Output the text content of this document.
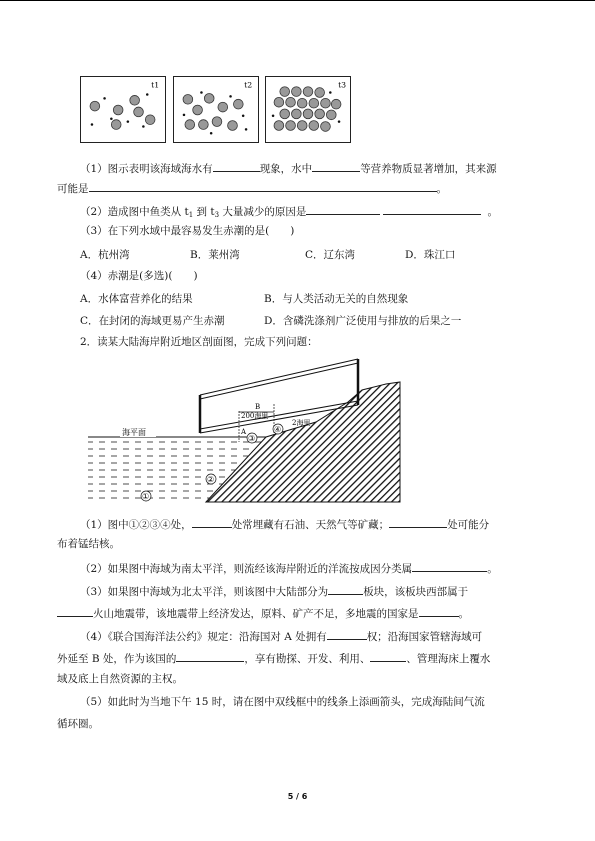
t1	t2	t3
（1）图示表明该海域海水有	现象，水中	等营养物质显著增加，其来源
可能是	。
（2）造成图中鱼类从 $t_1$ 到 $t_3$ 大量减少的原因是	。
（3）在下列水域中最容易发生赤潮的是(　　)
A．杭州湾	B．莱州湾	C．辽东湾	D．珠江口
（4）赤潮是(多选)(　　)
A．水体富营养化的结果	B．与人类活动无关的自然现象
C．在封闭的海域更易产生赤潮	D．含磷洗涤剂广泛使用与排放的后果之一
2．读某大陆海岸附近地区剖面图，完成下列问题：
200海里
B
A
2海里
海平面
①
②
③
④
（1）图中①②③④处，	处常埋藏有石油、天然气等矿藏；	处可能分
布着锰结核。
（2）如果图中海域为南太平洋，则流经该海岸附近的洋流按成因分类属	。
（3）如果图中海域为北太平洋，则该图中大陆部分为	板块，该板块西部属于
火山地震带，该地震带上经济发达，原料、矿产不足，多地震的国家是	。
（4）《联合国海洋法公约》规定：沿海国对 A 处拥有	权；沿海国家管辖海域可
外延至 B 处，作为该国的	，享有勘探、开发、利用、	、管理海床上覆水
域及底上自然资源的主权。
（5）如此时为当地下午 15 时，请在图中双线框中的线条上添画箭头，完成海陆间气流
循环圈。
5 / 6
